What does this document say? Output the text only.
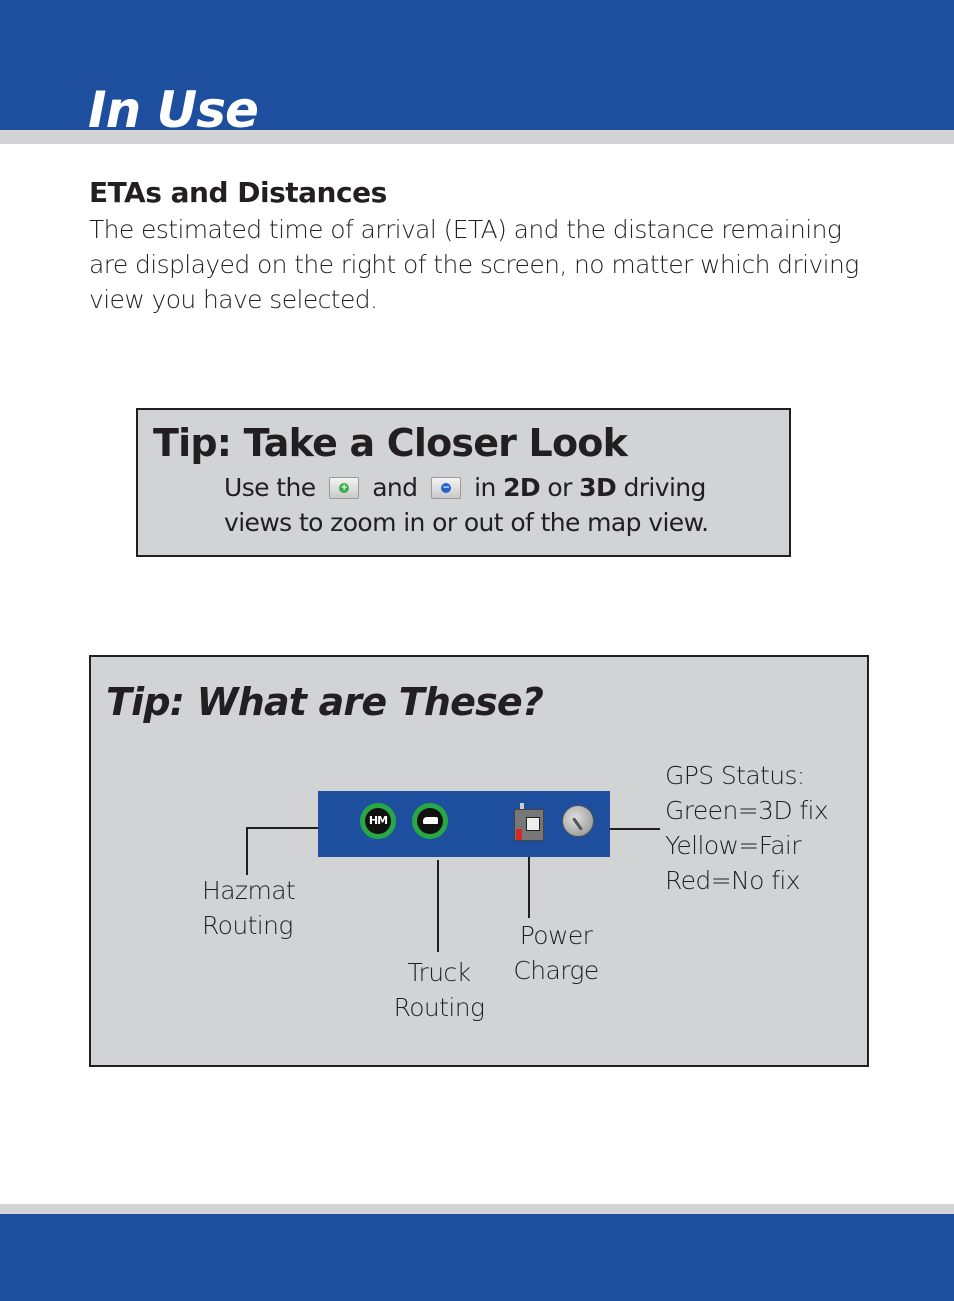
In Use
ETAs and Distances

The estimated time of arrival (ETA) and the distance remaining are displayed on the right of the screen, no matter which driving view you have selected.

Tip: Take a Closer Look

Use the	+ and	− in 2D or 3D driving
views to zoom in or out of the map view.

Tip: What are These?
HM

Hazmat
Routing

Truck
Routing

Power
Charge

GPS Status:
Green=3D fix
Yellow=Fair
Red=No fix
